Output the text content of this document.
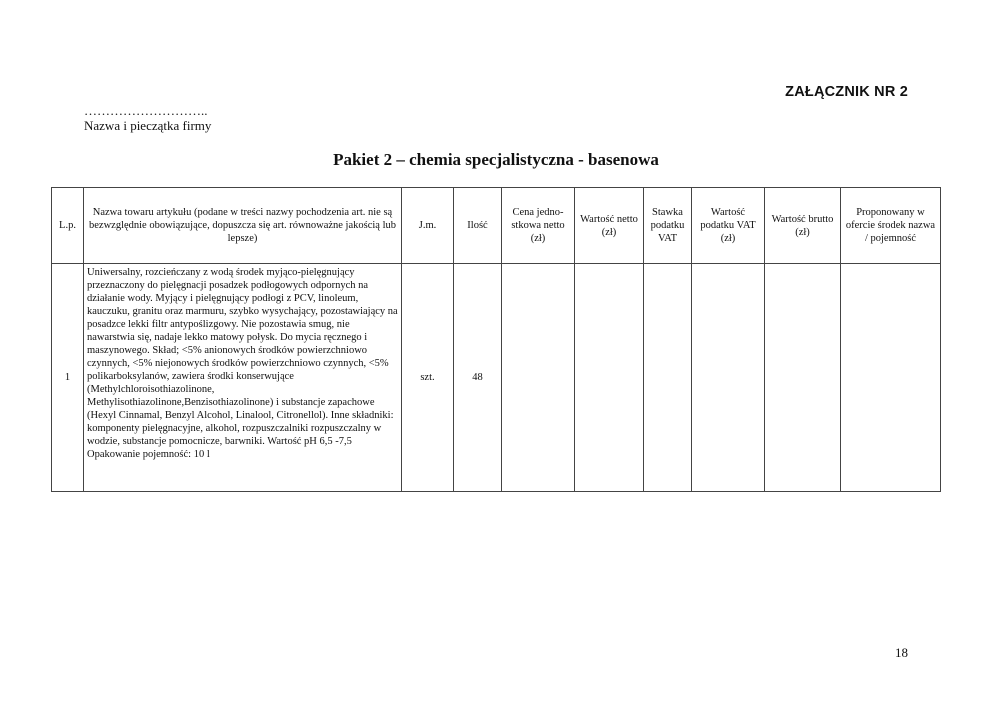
ZAŁĄCZNIK NR 2
………………………..
Nazwa i pieczątka firmy
Pakiet 2 – chemia specjalistyczna - basenowa
L.p.	Nazwa towaru artykułu (podane w treści nazwy pochodzenia art. nie są bezwzględnie obowiązujące, dopuszcza się art. równoważne jakością lub lepsze)	J.m.	Ilość	Cena jedno-stkowa netto (zł)	Wartość netto (zł)	Stawka podatku VAT	Wartość podatku VAT (zł)	Wartość brutto (zł)	Proponowany w ofercie środek nazwa / pojemność
1	Uniwersalny, rozcieńczany z wodą środek myjąco-pielęgnujący przeznaczony do pielęgnacji posadzek podłogowych odpornych na działanie wody. Myjący i pielęgnujący podłogi z PCV, linoleum, kauczuku, granitu oraz marmuru, szybko wysychający, pozostawiający na posadzce lekki filtr antypoślizgowy. Nie pozostawia smug, nie nawarstwia się, nadaje lekko matowy połysk. Do mycia ręcznego i maszynowego. Skład; <5% anionowych środków powierzchniowo czynnych, <5% niejonowych środków powierzchniowo czynnych, <5% polikarboksylanów, zawiera środki konserwujące (Methylchloroisothiazolinone, Methylisothiazolinone,Benzisothiazolinone) i substancje zapachowe (Hexyl Cinnamal, Benzyl Alcohol, Linalool, Citronellol). Inne składniki: komponenty pielęgnacyjne, alkohol, rozpuszczalniki rozpuszczalny w wodzie, substancje pomocnicze, barwniki. Wartość pH 6,5 -7,5 Opakowanie pojemność: 10 l	szt.	48						
18
